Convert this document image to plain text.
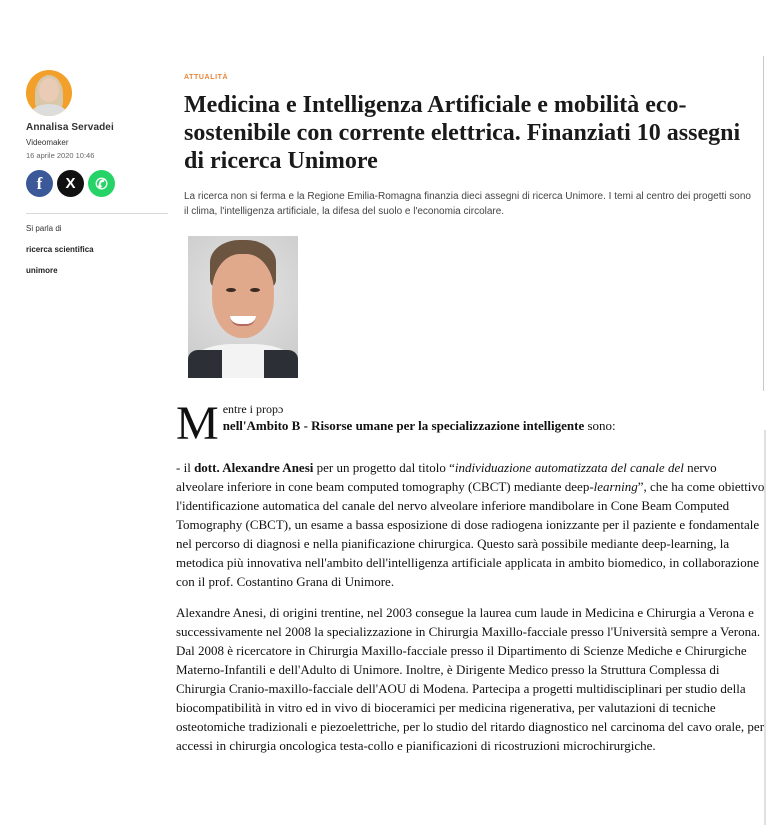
Annalisa Servadei
Videomaker
16 aprile 2020 10:46
f X ✆
Si parla di
ricerca scientifica
unimore
ATTUALITÀ
Medicina e Intelligenza Artificiale e mobilità eco-sostenibile con corrente elettrica. Finanziati 10 assegni di ricerca Unimore
La ricerca non si ferma e la Regione Emilia-Romagna finanzia dieci assegni di ricerca Unimore. I temi al centro dei progetti sono il clima, l'intelligenza artificiale, la difesa del suolo e l'economia circolare.
M entre i propɔ
nell'Ambito B - Risorse umane per la specializzazione intelligente sono:

- il dott. Alexandre Anesi per un progetto dal titolo “individuazione automatizzata del canale del nervo alveolare inferiore in cone beam computed tomography (CBCT) mediante deep-learning”, che ha come obiettivo l'identificazione automatica del canale del nervo alveolare inferiore mandibolare in Cone Beam Computed Tomography (CBCT), un esame a bassa esposizione di dose radiogena ionizzante per il paziente e fondamentale nel percorso di diagnosi e nella pianificazione chirurgica. Questo sarà possibile mediante deep-learning, la metodica più innovativa nell'ambito dell'intelligenza artificiale applicata in ambito biomedico, in collaborazione con il prof. Costantino Grana di Unimore.

Alexandre Anesi, di origini trentine, nel 2003 consegue la laurea cum laude in Medicina e Chirurgia a Verona e successivamente nel 2008 la specializzazione in Chirurgia Maxillo-facciale presso l'Università sempre a Verona. Dal 2008 è ricercatore in Chirurgia Maxillo-facciale presso il Dipartimento di Scienze Mediche e Chirurgiche Materno-Infantili e dell'Adulto di Unimore. Inoltre, è Dirigente Medico presso la Struttura Complessa di Chirurgia Cranio-maxillo-facciale dell'AOU di Modena. Partecipa a progetti multidisciplinari per studio della biocompatibilità in vitro ed in vivo di bioceramici per medicina rigenerativa, per valutazioni di tecniche osteotomiche tradizionali e piezoelettriche, per lo studio del ritardo diagnostico nel carcinoma del cavo orale, per accessi in chirurgia oncologica testa-collo e pianificazioni di ricostruzioni microchirurgiche.
